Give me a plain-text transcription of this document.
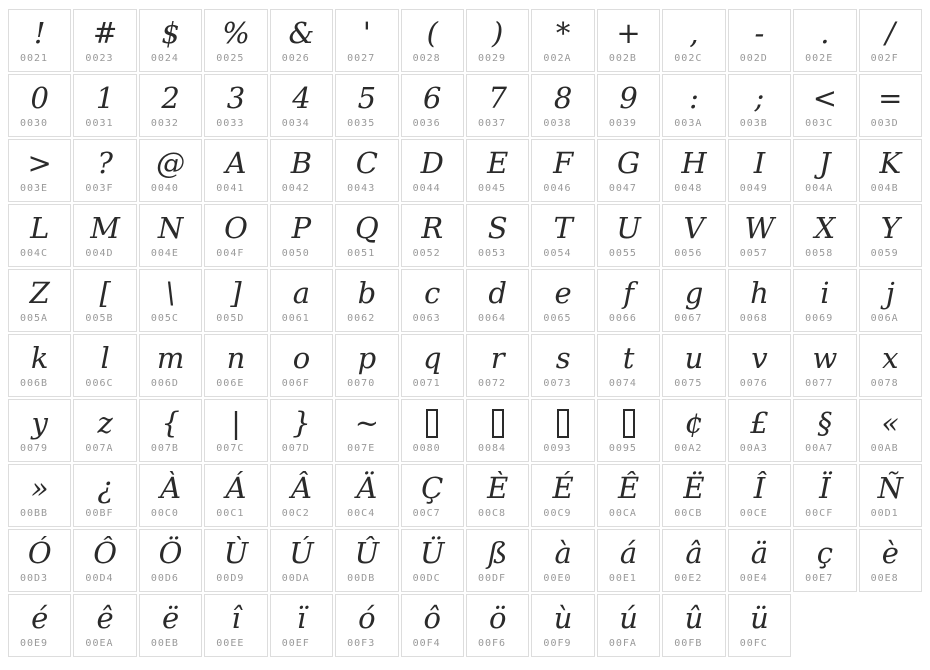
!
0021
#
0023
$
0024
%
0025
&
0026
'
0027
(
0028
)
0029
*
002A
+
002B
,
002C
-
002D
.
002E
/
002F
0
0030
1
0031
2
0032
3
0033
4
0034
5
0035
6
0036
7
0037
8
0038
9
0039
:
003A
;
003B
<
003C
=
003D
>
003E
?
003F
@
0040
A
0041
B
0042
C
0043
D
0044
E
0045
F
0046
G
0047
H
0048
I
0049
J
004A
K
004B
L
004C
M
004D
N
004E
O
004F
P
0050
Q
0051
R
0052
S
0053
T
0054
U
0055
V
0056
W
0057
X
0058
Y
0059
Z
005A
[
005B
\
005C
]
005D
a
0061
b
0062
c
0063
d
0064
e
0065
f
0066
g
0067
h
0068
i
0069
j
006A
k
006B
l
006C
m
006D
n
006E
o
006F
p
0070
q
0071
r
0072
s
0073
t
0074
u
0075
v
0076
w
0077
x
0078
y
0079
z
007A
{
007B
|
007C
}
007D
~
007E	0080	0084	0093	0095
¢
00A2
£
00A3
§
00A7
«
00AB
»
00BB
¿
00BF
À
00C0
Á
00C1
Â
00C2
Ä
00C4
Ç
00C7
È
00C8
É
00C9
Ê
00CA
Ë
00CB
Î
00CE
Ï
00CF
Ñ
00D1
Ó
00D3
Ô
00D4
Ö
00D6
Ù
00D9
Ú
00DA
Û
00DB
Ü
00DC
ß
00DF
à
00E0
á
00E1
â
00E2
ä
00E4
ç
00E7
è
00E8
é
00E9
ê
00EA
ë
00EB
î
00EE
ï
00EF
ó
00F3
ô
00F4
ö
00F6
ù
00F9
ú
00FA
û
00FB
ü
00FC
